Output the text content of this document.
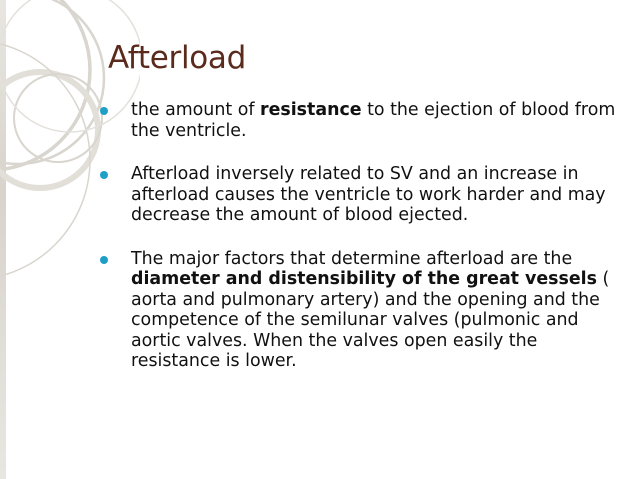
Afterload
the amount of resistance to the ejection of blood from the ventricle.
Afterload inversely related to SV and an increase in afterload causes the ventricle to work harder and may decrease the amount of blood ejected.
The major factors that determine afterload are the diameter and distensibility of the great vessels ( aorta and pulmonary artery) and the opening and the competence of the semilunar valves (pulmonic and aortic valves. When the valves open easily the resistance is lower.
